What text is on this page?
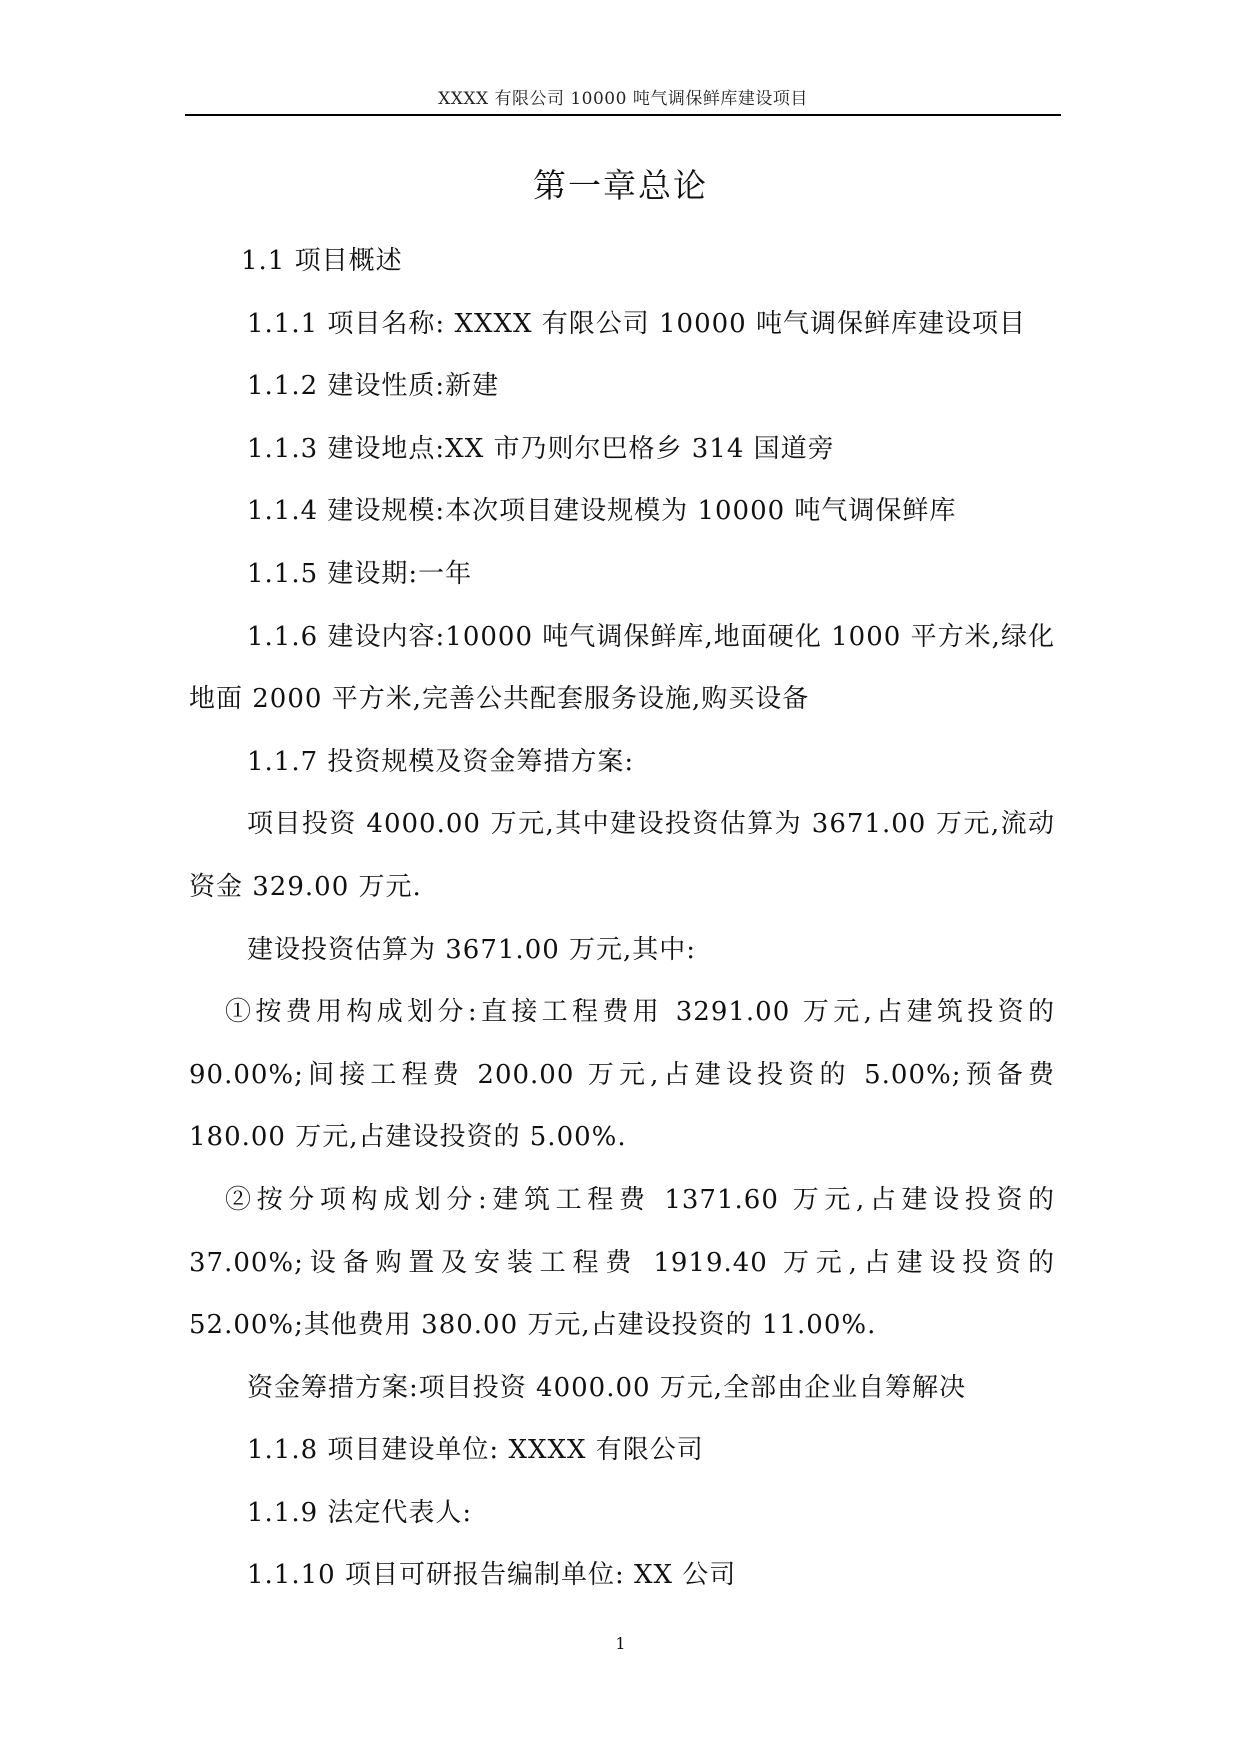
XXXX 有限公司 10000 吨气调保鲜库建设项目
第一章总论

1.1 项目概述

1.1.1 项目名称: XXXX 有限公司 10000 吨气调保鲜库建设项目

1.1.2 建设性质:新建

1.1.3 建设地点:XX 市乃则尔巴格乡 314 国道旁

1.1.4 建设规模:本次项目建设规模为 10000 吨气调保鲜库

1.1.5 建设期:一年

1.1.6 建设内容:10000 吨气调保鲜库,地面硬化 1000 平方米,绿化地面 2000 平方米,完善公共配套服务设施,购买设备

1.1.7 投资规模及资金筹措方案:

项目投资 4000.00 万元,其中建设投资估算为 3671.00 万元,流动资金 329.00 万元.

建设投资估算为 3671.00 万元,其中:

①按费用构成划分:直接工程费用 3291.00 万元,占建筑投资的 90.00%;间接工程费 200.00 万元,占建设投资的 5.00%;预备费 180.00 万元,占建设投资的 5.00%.

②按分项构成划分:建筑工程费 1371.60 万元,占建设投资的 37.00%;设备购置及安装工程费 1919.40 万元,占建设投资的 52.00%;其他费用 380.00 万元,占建设投资的 11.00%.

资金筹措方案:项目投资 4000.00 万元,全部由企业自筹解决

1.1.8 项目建设单位: XXXX 有限公司

1.1.9 法定代表人:

1.1.10 项目可研报告编制单位: XX 公司

1
